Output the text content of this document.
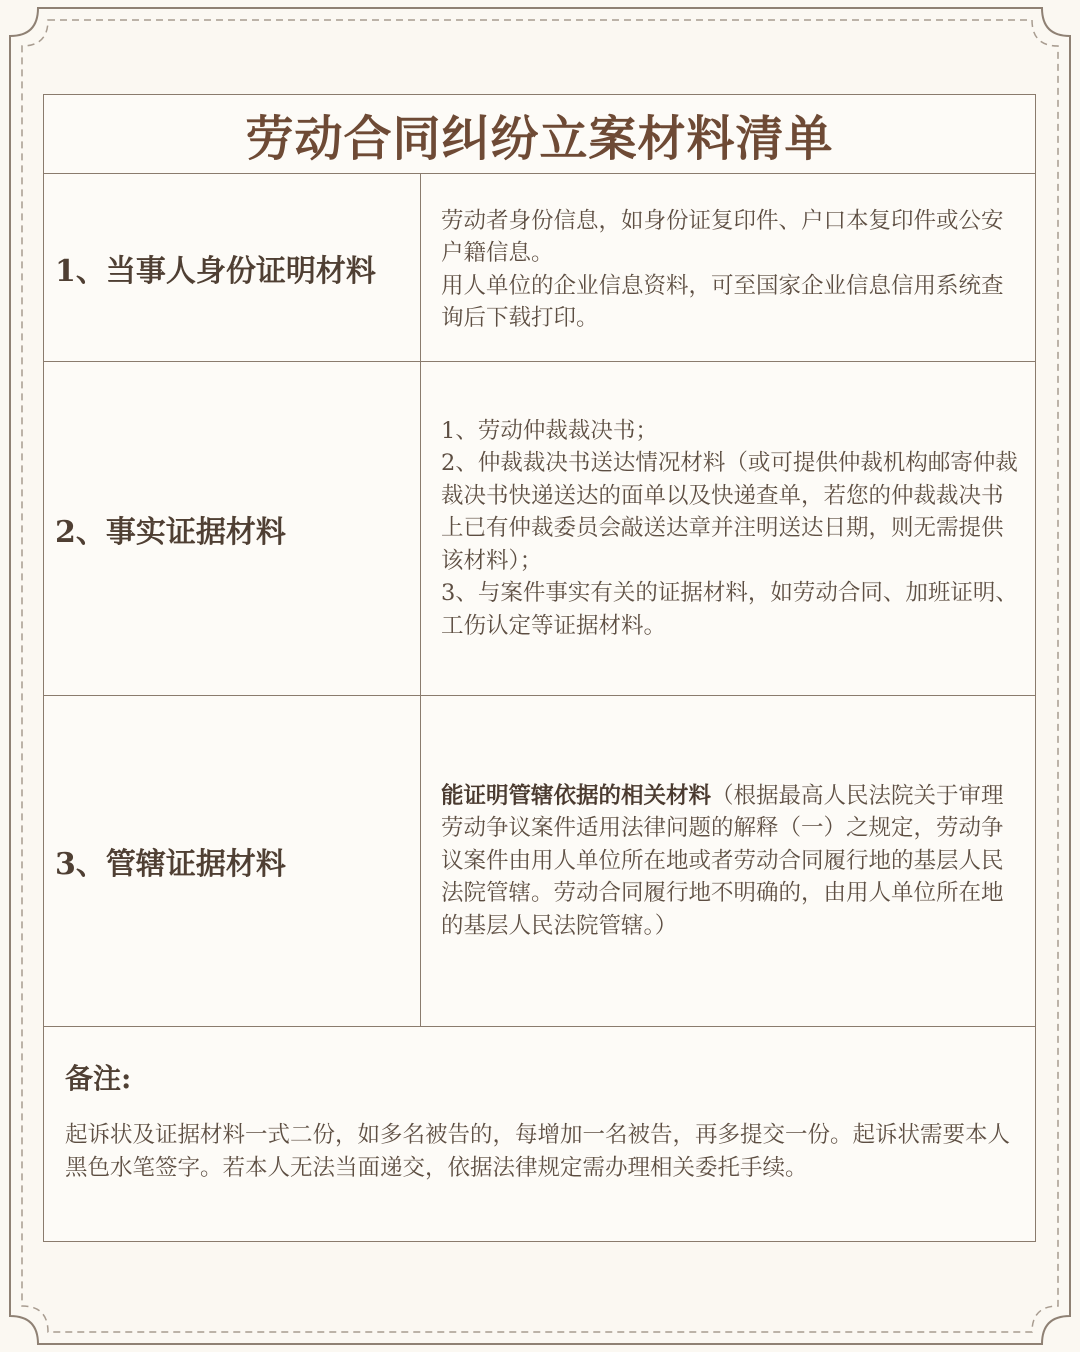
劳动合同纠纷立案材料清单
1、当事人身份证明材料

劳动者身份信息，如身份证复印件、户口本复印件或公安户籍信息。

用人单位的企业信息资料，可至国家企业信息信用系统查询后下载打印。

2、事实证据材料

1、劳动仲裁裁决书；

2、仲裁裁决书送达情况材料（或可提供仲裁机构邮寄仲裁裁决书快递送达的面单以及快递查单，若您的仲裁裁决书上已有仲裁委员会敲送达章并注明送达日期，则无需提供该材料）；

3、与案件事实有关的证据材料，如劳动合同、加班证明、工伤认定等证据材料。

3、管辖证据材料

能证明管辖依据的相关材料（根据最高人民法院关于审理劳动争议案件适用法律问题的解释（一）之规定，劳动争议案件由用人单位所在地或者劳动合同履行地的基层人民法院管辖。劳动合同履行地不明确的，由用人单位所在地的基层人民法院管辖。）

备注:

起诉状及证据材料一式二份，如多名被告的，每增加一名被告，再多提交一份。起诉状需要本人黑色水笔签字。若本人无法当面递交，依据法律规定需办理相关委托手续。
